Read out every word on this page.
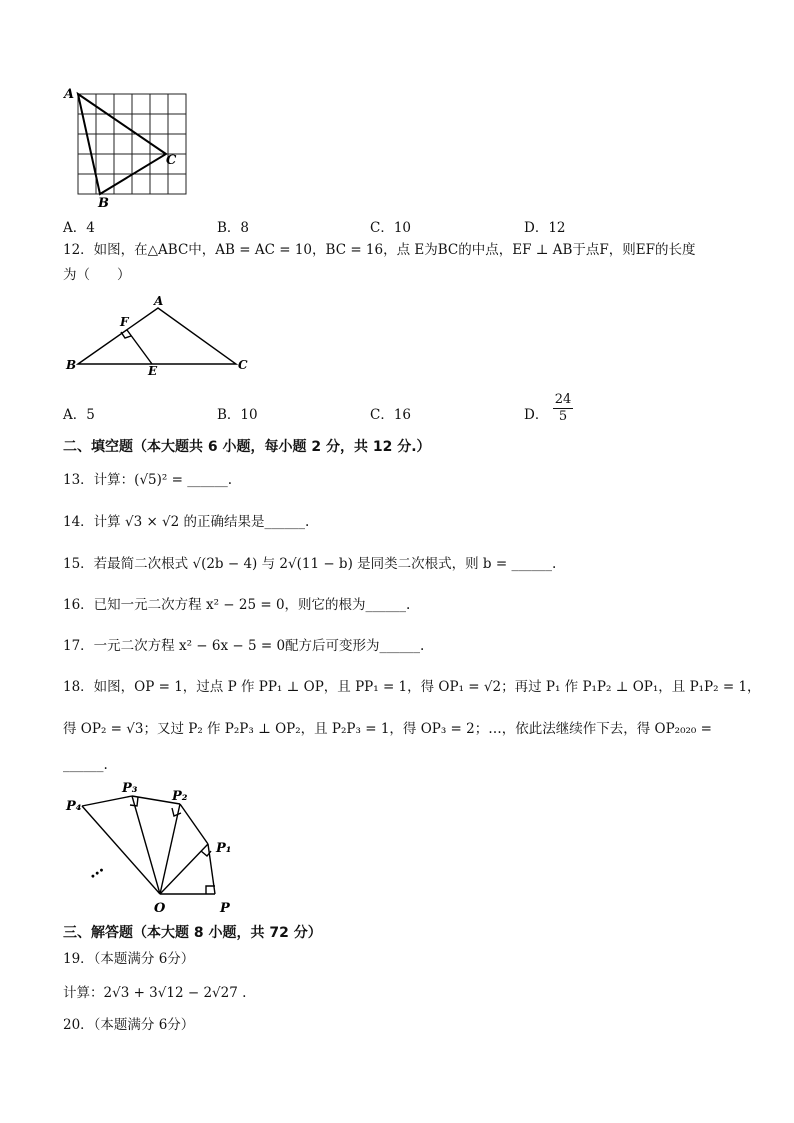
A
C
B
A．4	B．8	C．10	D．12
12．如图，在△ABC中，AB = AC = 10，BC = 16，点 E为BC的中点，EF ⊥ AB于点F，则EF的长度
为（　　）
A
F
B	E	C
A．5	B．10	C．16	D． $\frac{24}{5}$
二、填空题（本大题共 6 小题，每小题 2 分，共 12 分.）
13．计算：(√5)² = ______.
14．计算 √3 × √2 的正确结果是______.
15．若最简二次根式 √(2b − 4) 与 2√(11 − b) 是同类二次根式，则 b = ______.
16．已知一元二次方程 x² − 25 = 0，则它的根为______.
17．一元二次方程 x² − 6x − 5 = 0配方后可变形为______.
18．如图，OP = 1，过点 P 作 PP₁ ⊥ OP，且 PP₁ = 1，得 OP₁ = √2；再过 P₁ 作 P₁P₂ ⊥ OP₁，且 P₁P₂ = 1，
得 OP₂ = √3；又过 P₂ 作 P₂P₃ ⊥ OP₂，且 P₂P₃ = 1，得 OP₃ = 2；…，依此法继续作下去，得 OP₂₀₂₀ =
______.
O	P
P₁
P₂
P₃
P₄
…
三、解答题（本大题 8 小题，共 72 分）
19．（本题满分 6分）
计算：2√3 + 3√12 − 2√27 .
20．（本题满分 6分）
